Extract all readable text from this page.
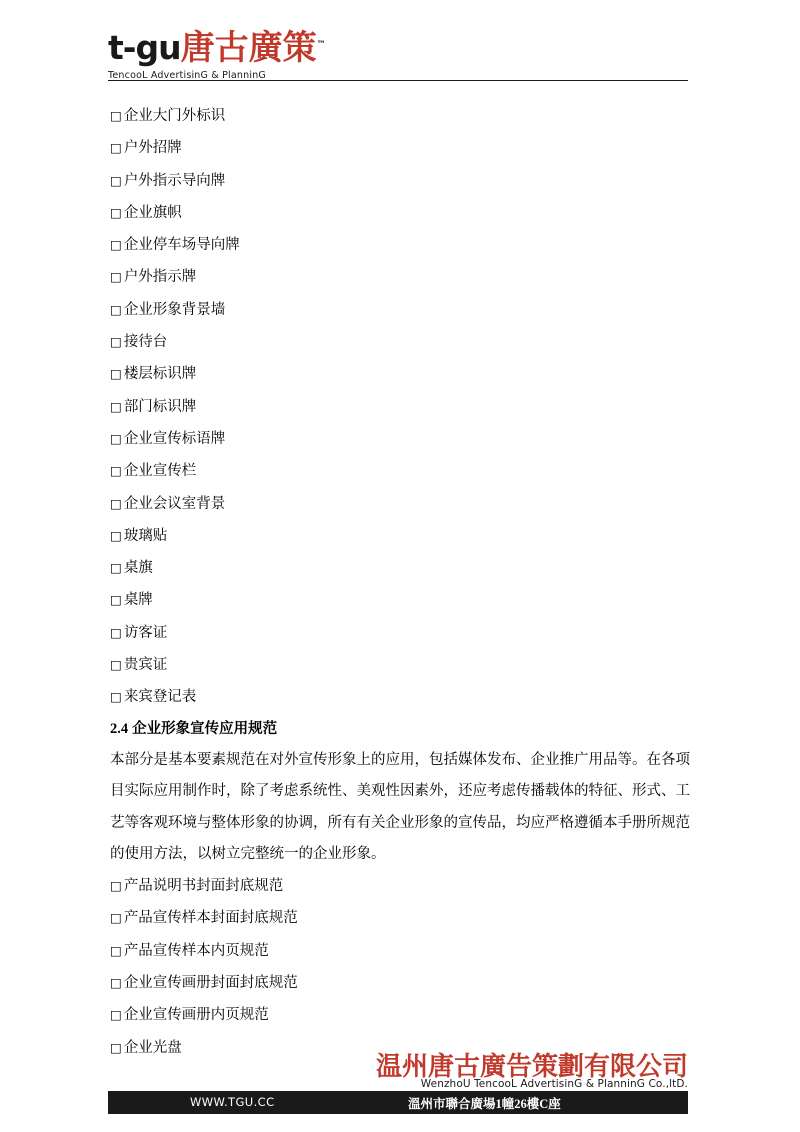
t-gu唐古廣策™
TencooL AdvertisinG & PlanninG
□ 企业大门外标识
□ 户外招牌
□ 户外指示导向牌
□ 企业旗帜
□ 企业停车场导向牌
□ 户外指示牌
□ 企业形象背景墙
□ 接待台
□ 楼层标识牌
□ 部门标识牌
□ 企业宣传标语牌
□ 企业宣传栏
□ 企业会议室背景
□ 玻璃贴
□ 桌旗
□ 桌牌
□ 访客证
□ 贵宾证
□ 来宾登记表
2.4 企业形象宣传应用规范
本部分是基本要素规范在对外宣传形象上的应用，包括媒体发布、企业推广用品等。在各项目实际应用制作时，除了考虑系统性、美观性因素外，还应考虑传播载体的特征、形式、工艺等客观环境与整体形象的协调，所有有关企业形象的宣传品，均应严格遵循本手册所规范的使用方法，以树立完整统一的企业形象。
□ 产品说明书封面封底规范
□ 产品宣传样本封面封底规范
□ 产品宣传样本内页规范
□ 企业宣传画册封面封底规范
□ 企业宣传画册内页规范
□ 企业光盘
温州唐古廣告策劃有限公司
WenzhoU TencooL AdvertisinG & PlanninG Co.,ltD.
WWW.TGU.CC	溫州市聯合廣場1幢26樓C座
